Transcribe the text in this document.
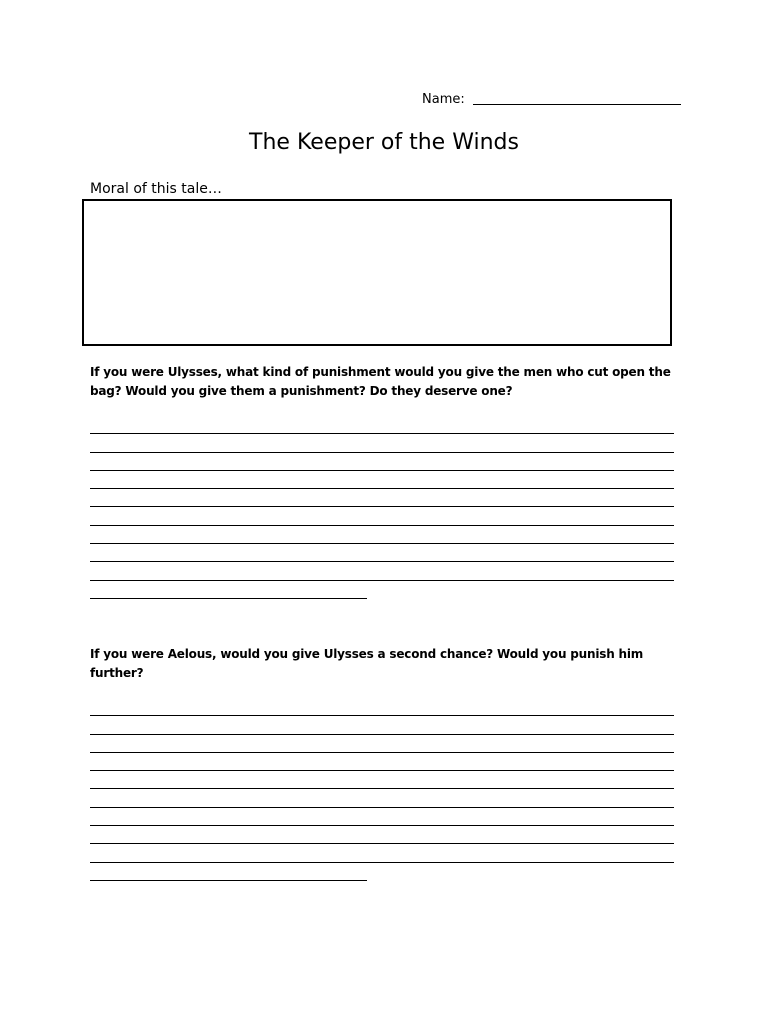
Name:
The Keeper of the Winds
Moral of this tale…
If you were Ulysses, what kind of punishment would you give the men who cut open the bag? Would you give them a punishment? Do they deserve one?
If you were Aelous, would you give Ulysses a second chance? Would you punish him further?
